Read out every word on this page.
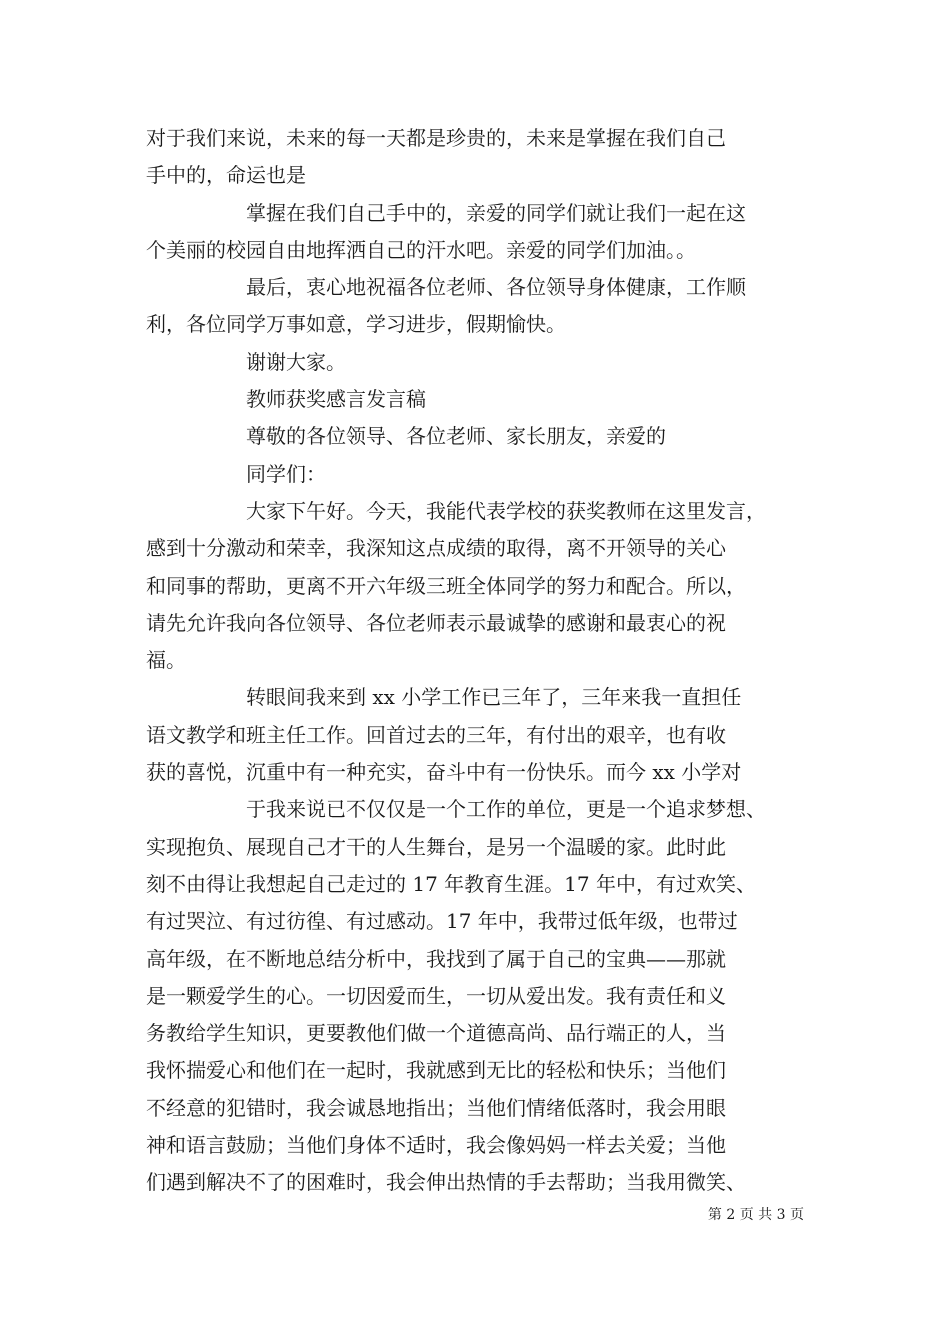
对于我们来说，未来的每一天都是珍贵的，未来是掌握在我们自己
手中的，命运也是
掌握在我们自己手中的，亲爱的同学们就让我们一起在这
个美丽的校园自由地挥洒自己的汗水吧。亲爱的同学们加油。。
最后，衷心地祝福各位老师、各位领导身体健康，工作顺
利，各位同学万事如意，学习进步，假期愉快。
谢谢大家。
教师获奖感言发言稿
尊敬的各位领导、各位老师、家长朋友，亲爱的
同学们：
大家下午好。今天，我能代表学校的获奖教师在这里发言，
感到十分激动和荣幸，我深知这点成绩的取得，离不开领导的关心
和同事的帮助，更离不开六年级三班全体同学的努力和配合。所以，
请先允许我向各位领导、各位老师表示最诚挚的感谢和最衷心的祝
福。
转眼间我来到 xx 小学工作已三年了，三年来我一直担任
语文教学和班主任工作。回首过去的三年，有付出的艰辛，也有收
获的喜悦，沉重中有一种充实，奋斗中有一份快乐。而今 xx 小学对
于我来说已不仅仅是一个工作的单位，更是一个追求梦想、
实现抱负、展现自己才干的人生舞台，是另一个温暖的家。此时此
刻不由得让我想起自己走过的 17 年教育生涯。17 年中，有过欢笑、
有过哭泣、有过彷徨、有过感动。17 年中，我带过低年级，也带过
高年级，在不断地总结分析中，我找到了属于自己的宝典——那就
是一颗爱学生的心。一切因爱而生，一切从爱出发。我有责任和义
务教给学生知识，更要教他们做一个道德高尚、品行端正的人，当
我怀揣爱心和他们在一起时，我就感到无比的轻松和快乐；当他们
不经意的犯错时，我会诚恳地指出；当他们情绪低落时，我会用眼
神和语言鼓励；当他们身体不适时，我会像妈妈一样去关爱；当他
们遇到解决不了的困难时，我会伸出热情的手去帮助；当我用微笑、
第 2 页 共 3 页
